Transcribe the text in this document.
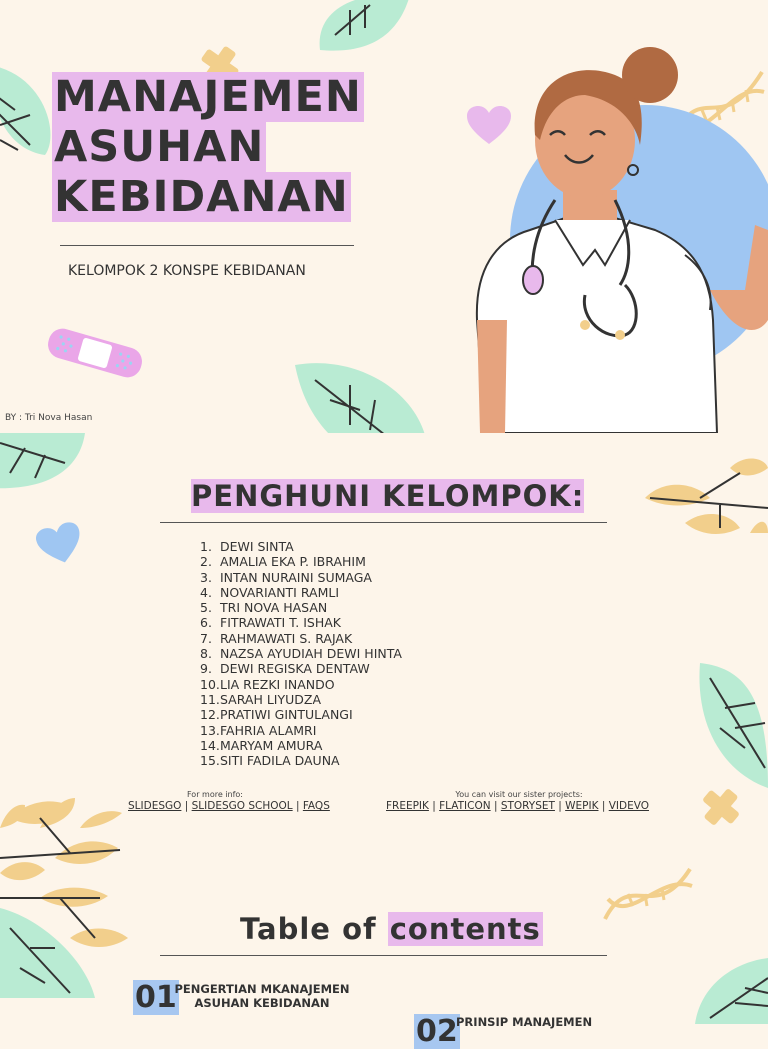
MANAJEMEN
ASUHAN
KEBIDANAN
KELOMPOK 2 KONSPE KEBIDANAN
BY : Tri Nova Hasan
PENGHUNI KELOMPOK:
1. DEWI SINTA
2. AMALIA EKA P. IBRAHIM
3. INTAN NURAINI SUMAGA
4. NOVARIANTI RAMLI
5. TRI NOVA HASAN
6. FITRAWATI T. ISHAK
7. RAHMAWATI S. RAJAK
8. NAZSA AYUDIAH DEWI HINTA
9. DEWI REGISKA DENTAW
10. LIA REZKI INANDO
11. SARAH LIYUDZA
12. PRATIWI GINTULANGI
13. FAHRIA ALAMRI
14. MARYAM AMURA
15. SITI FADILA DAUNA
For more info:
SLIDESGO | SLIDESGO SCHOOL | FAQS
You can visit our sister projects:
FREEPIK | FLATICON | STORYSET | WEPIK | VIDEVO
Table of contents
01
PENGERTIAN MKANAJEMEN
ASUHAN KEBIDANAN
02
PRINSIP MANAJEMEN
